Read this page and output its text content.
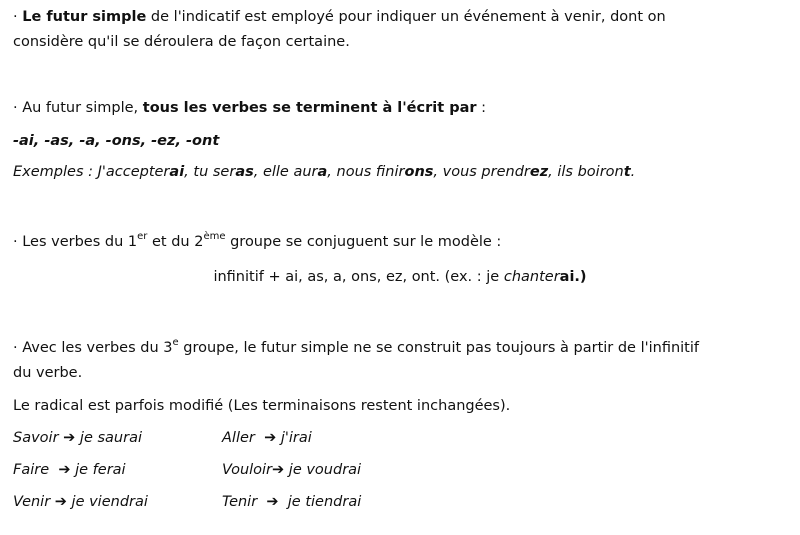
· Le futur simple de l'indicatif est employé pour indiquer un événement à venir, dont on
considère qu'il se déroulera de façon certaine.
· Au futur simple, tous les verbes se terminent à l'écrit par :
-ai, -as, -a, -ons, -ez, -ont
Exemples : J'accepterai, tu seras, elle aura, nous finirons, vous prendrez, ils boiront.
· Les verbes du 1er et du 2ème groupe se conjuguent sur le modèle :
infinitif + ai, as, a, ons, ez, ont. (ex. : je chanterai.)
· Avec les verbes du 3e groupe, le futur simple ne se construit pas toujours à partir de l'infinitif
du verbe.
Le radical est parfois modifié (Les terminaisons restent inchangées).
Savoir ➔ je saurai	Aller ➔ j'irai
Faire ➔ je ferai	Vouloir➔ je voudrai
Venir ➔ je viendrai	Tenir ➔ je tiendrai
